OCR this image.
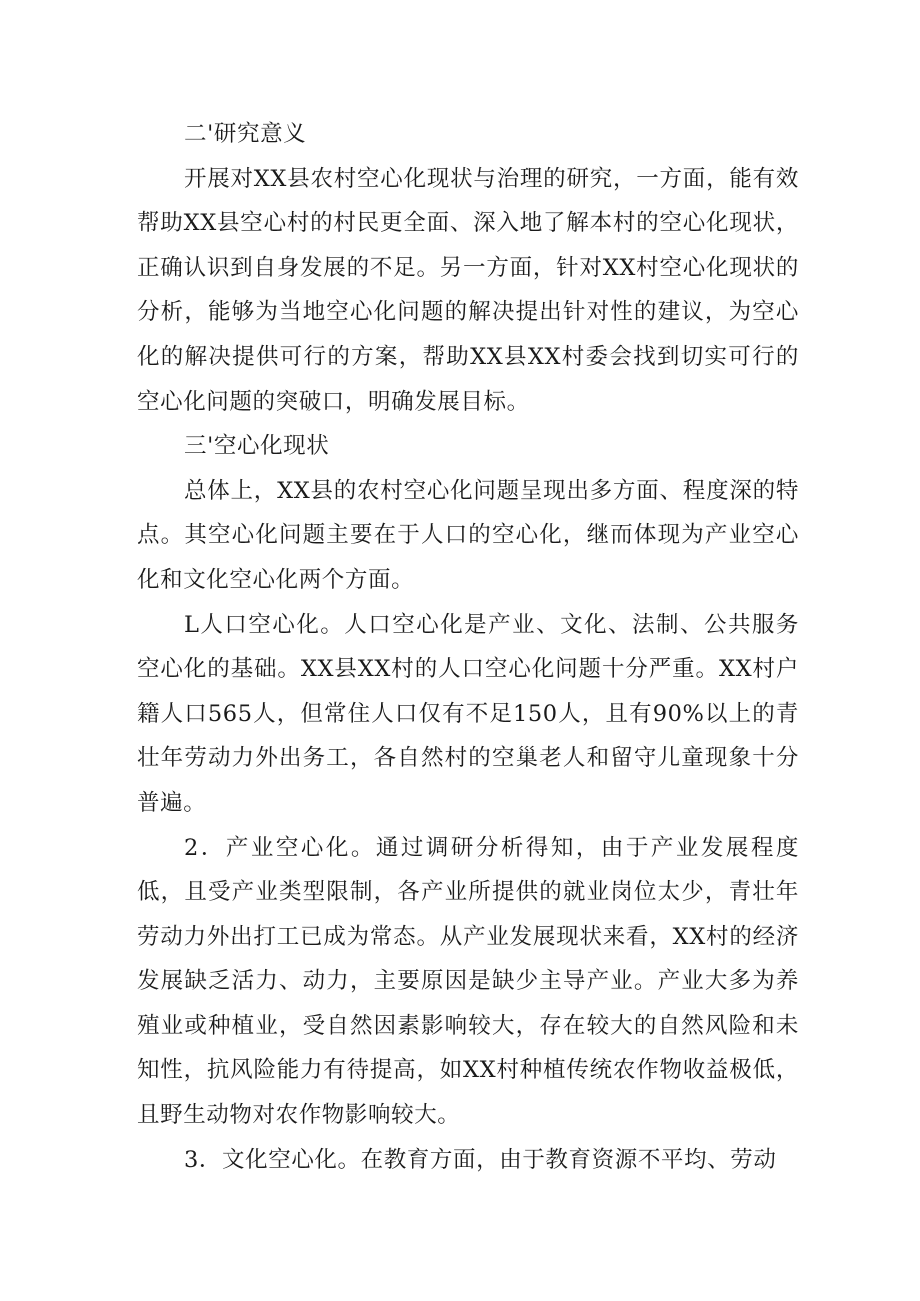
二'研究意义

开展对XX县农村空心化现状与治理的研究，一方面，能有效帮助XX县空心村的村民更全面、深入地了解本村的空心化现状，正确认识到自身发展的不足。另一方面，针对XX村空心化现状的分析，能够为当地空心化问题的解决提出针对性的建议，为空心化的解决提供可行的方案，帮助XX县XX村委会找到切实可行的空心化问题的突破口，明确发展目标。

三'空心化现状

总体上，XX县的农村空心化问题呈现出多方面、程度深的特点。其空心化问题主要在于人口的空心化，继而体现为产业空心化和文化空心化两个方面。

L人口空心化。人口空心化是产业、文化、法制、公共服务空心化的基础。XX县XX村的人口空心化问题十分严重。XX村户籍人口565人，但常住人口仅有不足150人，且有90%以上的青壮年劳动力外出务工，各自然村的空巢老人和留守儿童现象十分普遍。

2．产业空心化。通过调研分析得知，由于产业发展程度低，且受产业类型限制，各产业所提供的就业岗位太少，青壮年劳动力外出打工已成为常态。从产业发展现状来看，XX村的经济发展缺乏活力、动力，主要原因是缺少主导产业。产业大多为养殖业或种植业，受自然因素影响较大，存在较大的自然风险和未知性，抗风险能力有待提高，如XX村种植传统农作物收益极低，且野生动物对农作物影响较大。

3．文化空心化。在教育方面，由于教育资源不平均、劳动
